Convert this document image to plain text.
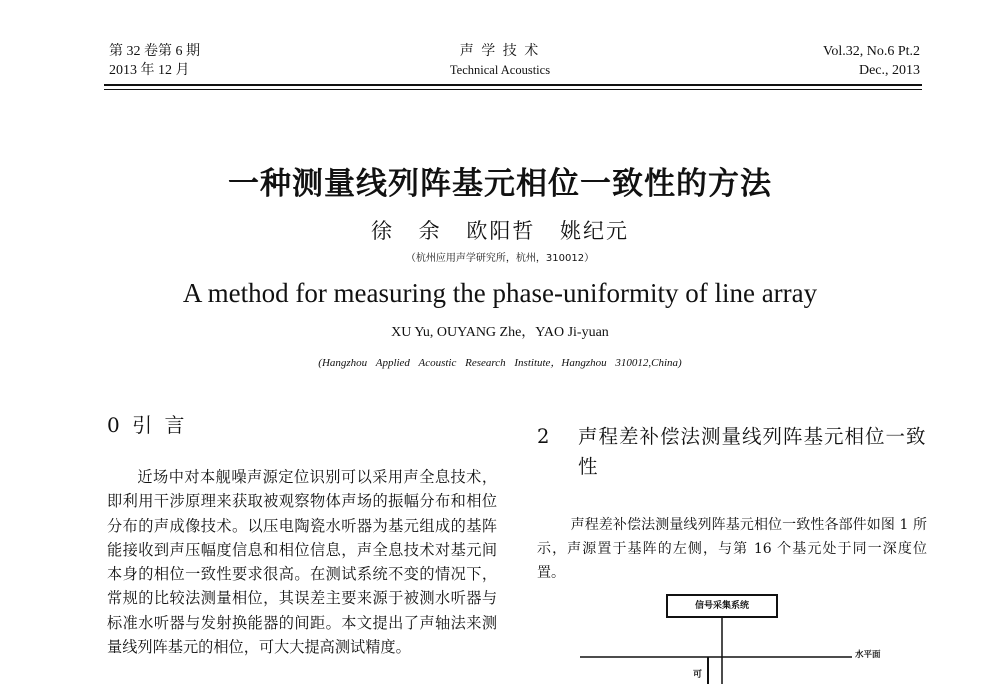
第 32 卷第 6 期
2013 年 12 月
声 学 技 术
Technical Acoustics
Vol.32, No.6 Pt.2
Dec., 2013
一种测量线列阵基元相位一致性的方法
徐 余 欧阳哲 姚纪元
（杭州应用声学研究所，杭州，310012）
A method for measuring the phase-uniformity of line array
XU Yu, OUYANG Zhe，YAO Ji-yuan
(Hangzhou Applied Acoustic Research Institute，Hangzhou 310012,China)
0 引 言

近场中对本舰噪声源定位识别可以采用声全息技术，即利用干涉原理来获取被观察物体声场的振幅分布和相位分布的声成像技术。以压电陶瓷水听器为基元组成的基阵能接收到声压幅度信息和相位信息，声全息技术对基元间本身的相位一致性要求很高。在测试系统不变的情况下，常规的比较法测量相位，其误差主要来源于被测水听器与标准水听器与发射换能器的间距。本文提出了声轴法来测量线列阵基元的相位，可大大提高测试精度。

2 声程差补偿法测量线列阵基元相位一致性

声程差补偿法测量线列阵基元相位一致性各部件如图 1 所示，声源置于基阵的左侧，与第 16 个基元处于同一深度位置。

信号采集系统
水平面
可
